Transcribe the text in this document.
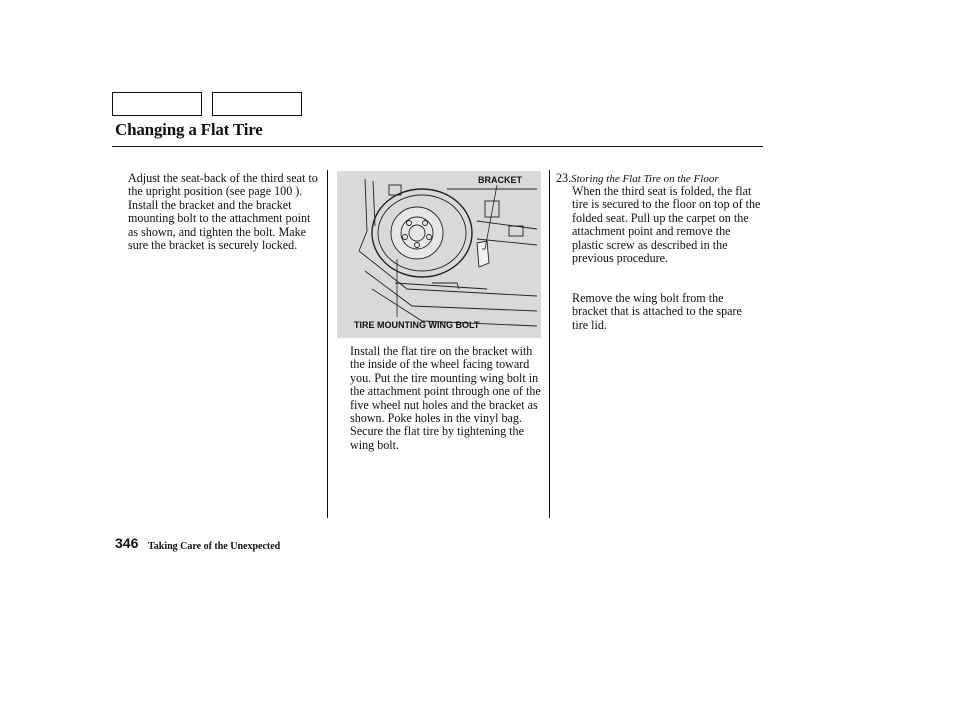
Changing a Flat Tire
Adjust the seat-back of the third seat to the upright position (see page 100 ). Install the bracket and the bracket mounting bolt to the attachment point as shown, and tighten the bolt. Make sure the bracket is securely locked.
BRACKET
TIRE MOUNTING WING BOLT
Install the flat tire on the bracket with the inside of the wheel facing toward you. Put the tire mounting wing bolt in the attachment point through one of the five wheel nut holes and the bracket as shown. Poke holes in the vinyl bag. Secure the flat tire by tightening the wing bolt.
23.Storing the Flat Tire on the Floor
When the third seat is folded, the flat tire is secured to the floor on top of the folded seat. Pull up the carpet on the attachment point and remove the plastic screw as described in the previous procedure.
Remove the wing bolt from the bracket that is attached to the spare tire lid.
346 Taking Care of the Unexpected
